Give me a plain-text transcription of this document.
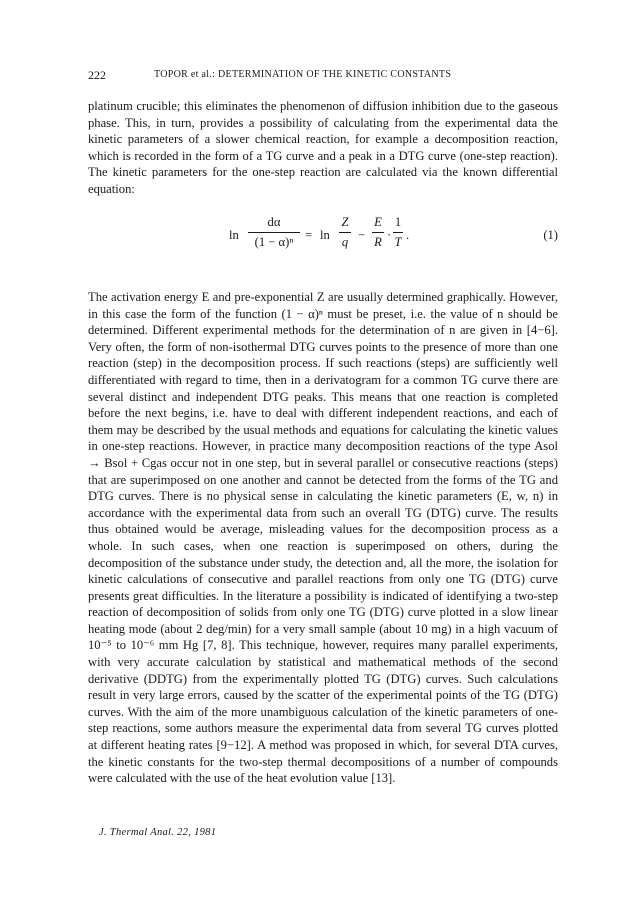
222	TOPOR et al.: DETERMINATION OF THE KINETIC CONSTANTS

platinum crucible; this eliminates the phenomenon of diffusion inhibition due to the gaseous phase. This, in turn, provides a possibility of calculating from the experimental data the kinetic parameters of a slower chemical reaction, for example a decomposition reaction, which is recorded in the form of a TG curve and a peak in a DTG curve (one-step reaction). The kinetic parameters for the one-step reaction are calculated via the known differential equation:

$\ln \frac{d\alpha}{\text{(1 − α)ⁿ}} = \ln \frac{Z}{q} - \frac{E}{R} \cdot \frac{1}{T}$ .	(1)

The activation energy E and pre-exponential Z are usually determined graphically. However, in this case the form of the function (1 − α)ⁿ must be preset, i.e. the value of n should be determined. Different experimental methods for the determination of n are given in [4−6]. Very often, the form of non-isothermal DTG curves points to the presence of more than one reaction (step) in the decomposition process. If such reactions (steps) are sufficiently well differentiated with regard to time, then in a derivatogram for a common TG curve there are several distinct and independent DTG peaks. This means that one reaction is completed before the next begins, i.e. have to deal with different independent reactions, and each of them may be described by the usual methods and equations for calculating the kinetic values in one-step reactions. However, in practice many decomposition reactions of the type Asol → Bsol + Cgas occur not in one step, but in several parallel or consecutive reactions (steps) that are superimposed on one another and cannot be detected from the forms of the TG and DTG curves. There is no physical sense in calculating the kinetic parameters (E, w, n) in accordance with the experimental data from such an overall TG (DTG) curve. The results thus obtained would be average, misleading values for the decomposition process as a whole. In such cases, when one reaction is superimposed on others, during the decomposition of the substance under study, the detection and, all the more, the isolation for kinetic calculations of consecutive and parallel reactions from only one TG (DTG) curve presents great difficulties. In the literature a possibility is indicated of identifying a two-step reaction of decomposition of solids from only one TG (DTG) curve plotted in a slow linear heating mode (about 2 deg/min) for a very small sample (about 10 mg) in a high vacuum of 10⁻⁵ to 10⁻⁶ mm Hg [7, 8]. This technique, however, requires many parallel experiments, with very accurate calculation by statistical and mathematical methods of the second derivative (DDTG) from the experimentally plotted TG (DTG) curves. Such calculations result in very large errors, caused by the scatter of the experimental points of the TG (DTG) curves. With the aim of the more unambiguous calculation of the kinetic parameters of one-step reactions, some authors measure the experimental data from several TG curves plotted at different heating rates [9−12]. A method was proposed in which, for several DTA curves, the kinetic constants for the two-step thermal decompositions of a number of compounds were calculated with the use of the heat evolution value [13].

J. Thermal Anal. 22, 1981
